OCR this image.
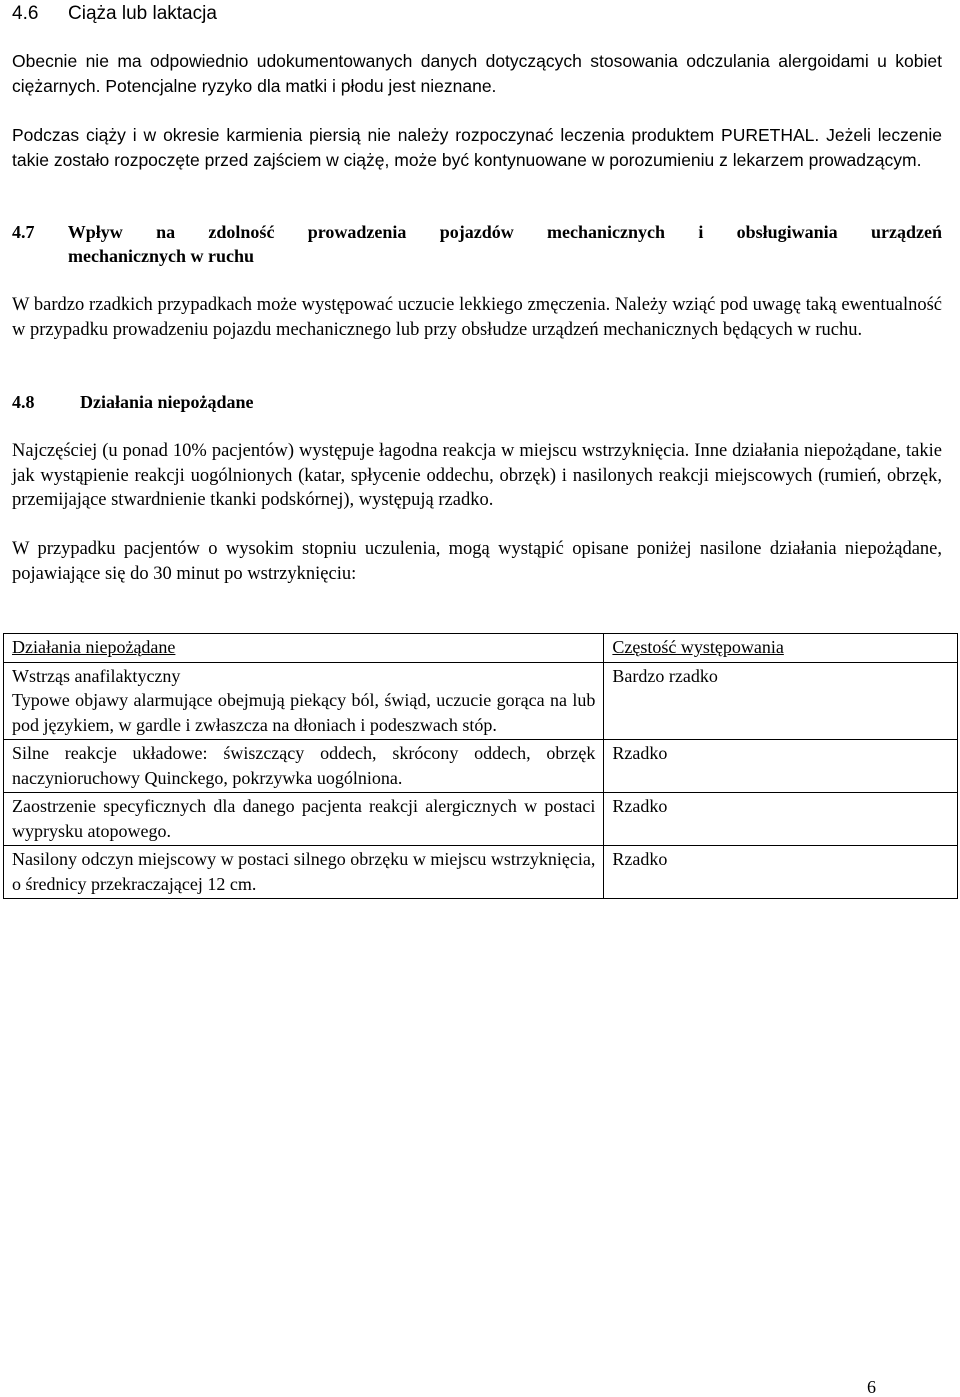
4.6 Ciąża lub laktacja
Obecnie nie ma odpowiednio udokumentowanych danych dotyczących stosowania odczulania alergoidami u kobiet ciężarnych. Potencjalne ryzyko dla matki i płodu jest nieznane.
Podczas ciąży i w okresie karmienia piersią nie należy rozpoczynać leczenia produktem PURETHAL. Jeżeli leczenie takie zostało rozpoczęte przed zajściem w ciążę, może być kontynuowane w porozumieniu z lekarzem prowadzącym.
4.7 Wpływ na zdolność prowadzenia pojazdów mechanicznych i obsługiwania urządzeń
mechanicznych w ruchu
W bardzo rzadkich przypadkach może występować uczucie lekkiego zmęczenia. Należy wziąć pod uwagę taką ewentualność w przypadku prowadzeniu pojazdu mechanicznego lub przy obsłudze urządzeń mechanicznych będących w ruchu.
4.8	Działania niepożądane
Najczęściej (u ponad 10% pacjentów) występuje łagodna reakcja w miejscu wstrzyknięcia. Inne działania niepożądane, takie jak wystąpienie reakcji uogólnionych (katar, spłycenie oddechu, obrzęk) i nasilonych reakcji miejscowych (rumień, obrzęk, przemijające stwardnienie tkanki podskórnej), występują rzadko.
W przypadku pacjentów o wysokim stopniu uczulenia, mogą wystąpić opisane poniżej nasilone działania niepożądane, pojawiające się do 30 minut po wstrzyknięciu:
Działania niepożądane	Częstość występowania

Wstrząs anafilaktyczny
Typowe objawy alarmujące obejmują piekący ból, świąd, uczucie gorąca na lub pod językiem, w gardle i zwłaszcza na dłoniach i podeszwach stóp.	Bardzo rzadko
Silne reakcje układowe: świszczący oddech, skrócony oddech, obrzęk naczynioruchowy Quinckego, pokrzywka uogólniona.	Rzadko
Zaostrzenie specyficznych dla danego pacjenta reakcji alergicznych w postaci wyprysku atopowego.	Rzadko
Nasilony odczyn miejscowy w postaci silnego obrzęku w miejscu wstrzyknięcia, o średnicy przekraczającej 12 cm.	Rzadko
6
